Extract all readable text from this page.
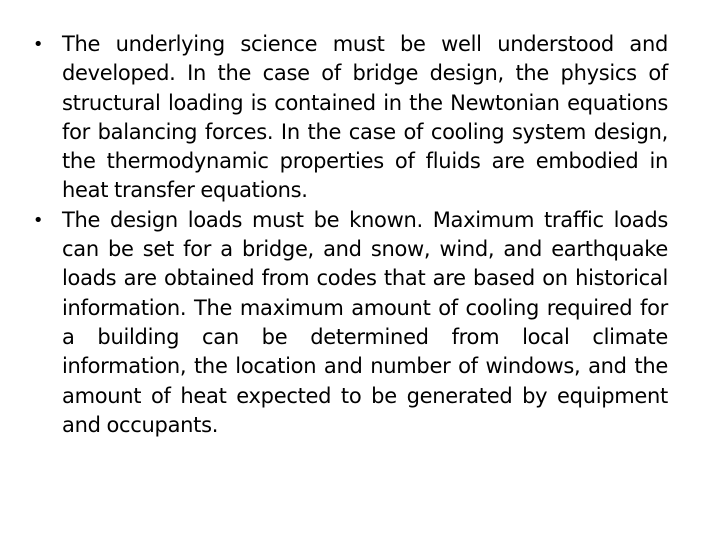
• The underlying science must be well understood and developed. In the case of bridge design, the physics of structural loading is contained in the Newtonian equations for balancing forces. In the case of cooling system design, the thermodynamic properties of fluids are embodied in heat transfer equations.
• The design loads must be known. Maximum traffic loads can be set for a bridge, and snow, wind, and earthquake loads are obtained from codes that are based on historical information. The maximum amount of cooling required for a building can be determined from local climate information, the location and number of windows, and the amount of heat expected to be generated by equipment and occupants.
